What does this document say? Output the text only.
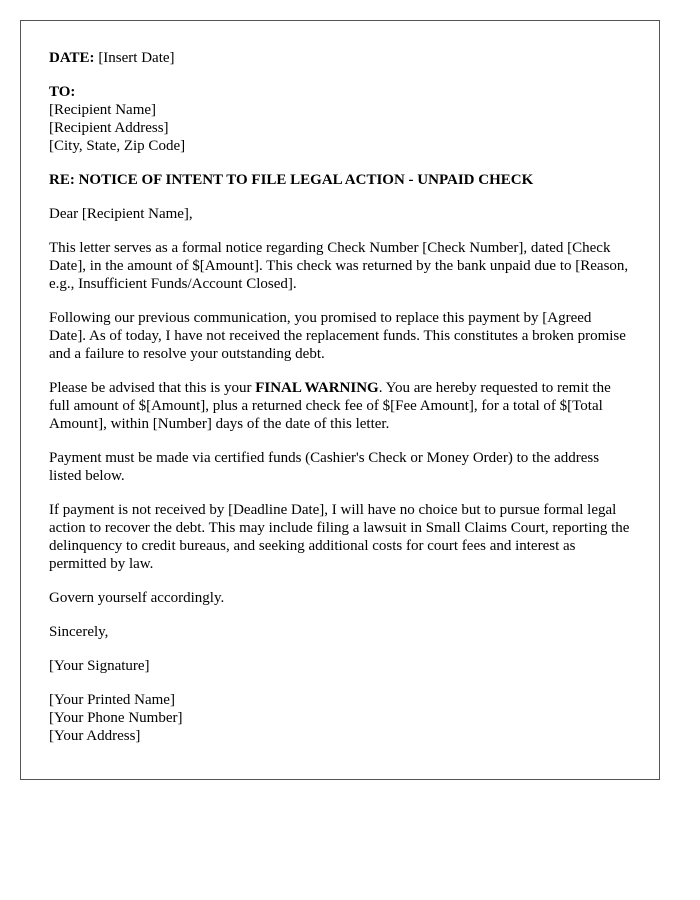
DATE: [Insert Date]
TO:
[Recipient Name]
[Recipient Address]
[City, State, Zip Code]
RE: NOTICE OF INTENT TO FILE LEGAL ACTION - UNPAID CHECK
Dear [Recipient Name],
This letter serves as a formal notice regarding Check Number [Check Number], dated [Check Date], in the amount of $[Amount]. This check was returned by the bank unpaid due to [Reason, e.g., Insufficient Funds/Account Closed].
Following our previous communication, you promised to replace this payment by [Agreed Date]. As of today, I have not received the replacement funds. This constitutes a broken promise and a failure to resolve your outstanding debt.
Please be advised that this is your FINAL WARNING. You are hereby requested to remit the full amount of $[Amount], plus a returned check fee of $[Fee Amount], for a total of $[Total Amount], within [Number] days of the date of this letter.
Payment must be made via certified funds (Cashier's Check or Money Order) to the address listed below.
If payment is not received by [Deadline Date], I will have no choice but to pursue formal legal action to recover the debt. This may include filing a lawsuit in Small Claims Court, reporting the delinquency to credit bureaus, and seeking additional costs for court fees and interest as permitted by law.
Govern yourself accordingly.
Sincerely,
[Your Signature]
[Your Printed Name]
[Your Phone Number]
[Your Address]
